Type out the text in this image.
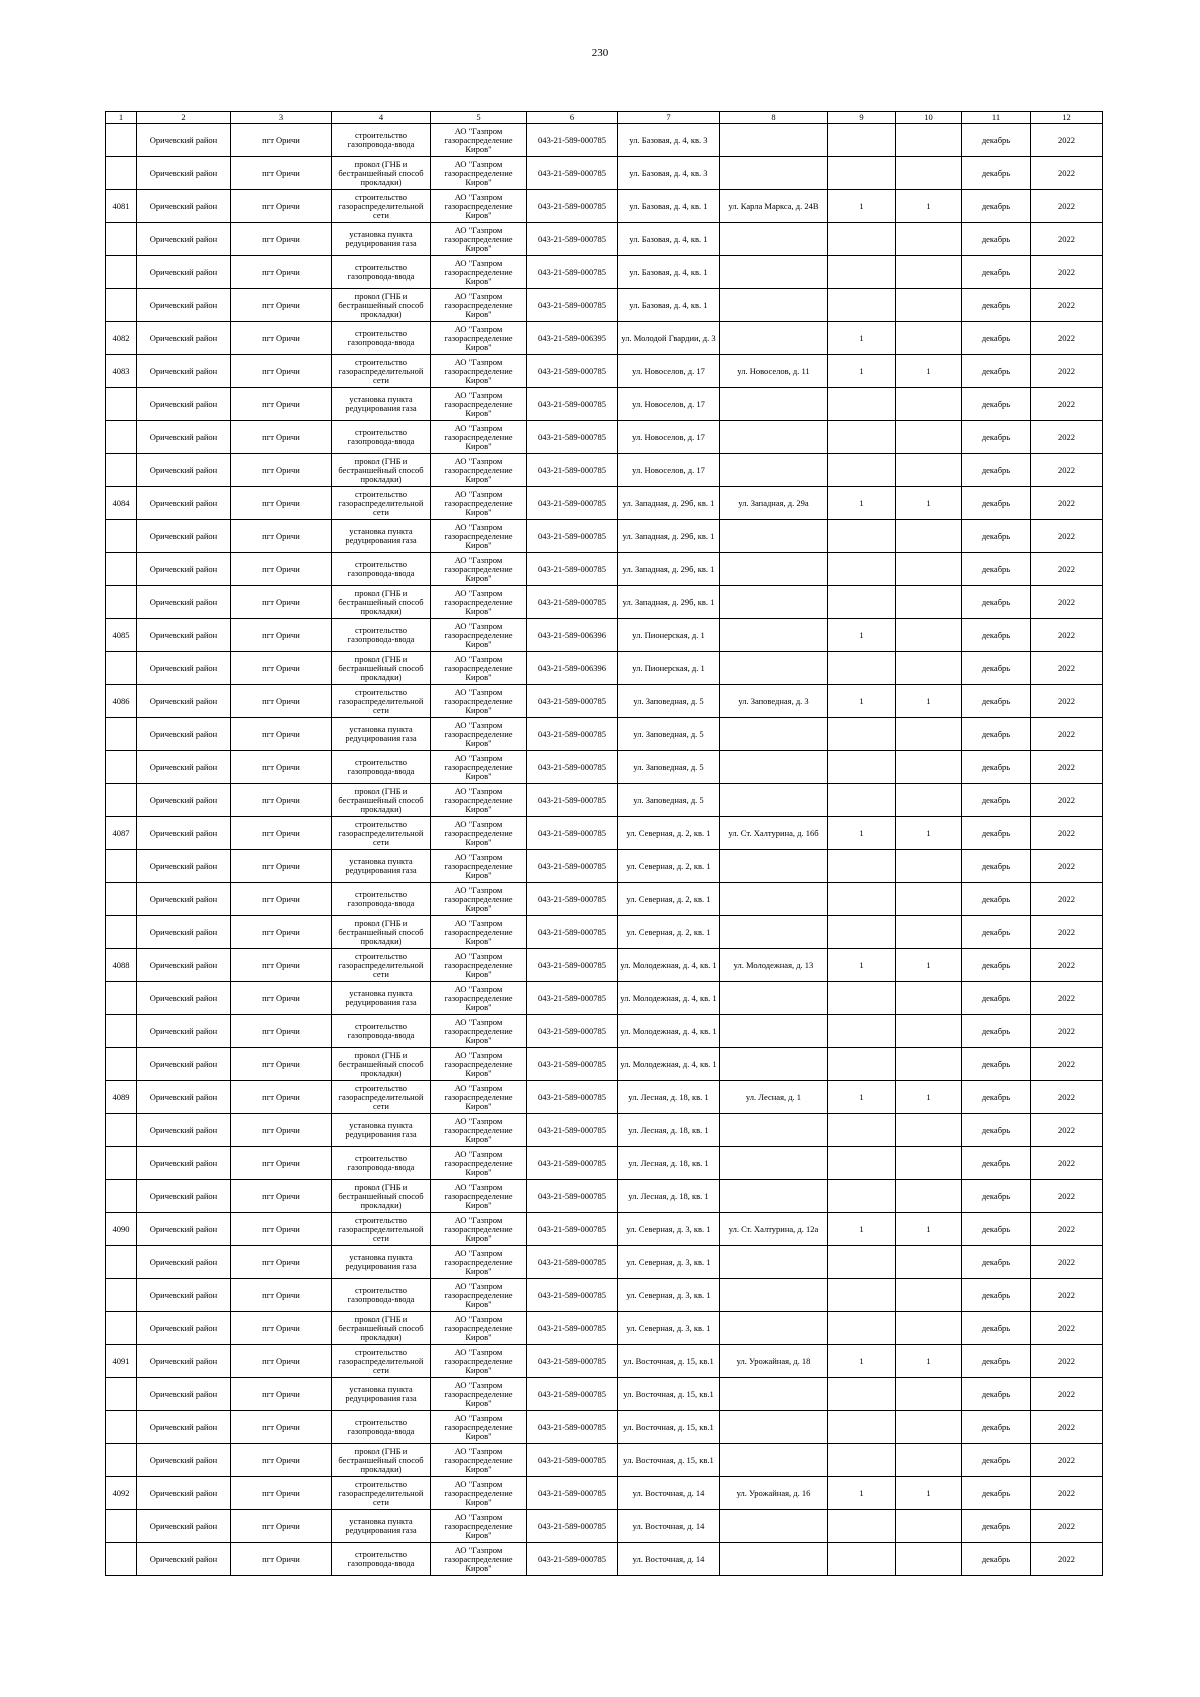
230
1	2	3	4	5	6	7	8	9	10	11	12

	Оричевский район	пгт Оричи	строительство газопровода-ввода	АО "Газпром газораспределение Киров"	043-21-589-000785	ул. Базовая, д. 4, кв. 3				декабрь	2022

	Оричевский район	пгт Оричи	прокол (ГНБ и бестраншейный способ прокладки)	АО "Газпром газораспределение Киров"	043-21-589-000785	ул. Базовая, д. 4, кв. 3				декабрь	2022

4081	Оричевский район	пгт Оричи	строительство газораспределительной сети	АО "Газпром газораспределение Киров"	043-21-589-000785	ул. Базовая, д. 4, кв. 1	ул. Карла Маркса, д. 24В	1	1	декабрь	2022

	Оричевский район	пгт Оричи	установка пункта редуцирования газа	АО "Газпром газораспределение Киров"	043-21-589-000785	ул. Базовая, д. 4, кв. 1				декабрь	2022

	Оричевский район	пгт Оричи	строительство газопровода-ввода	АО "Газпром газораспределение Киров"	043-21-589-000785	ул. Базовая, д. 4, кв. 1				декабрь	2022

	Оричевский район	пгт Оричи	прокол (ГНБ и бестраншейный способ прокладки)	АО "Газпром газораспределение Киров"	043-21-589-000785	ул. Базовая, д. 4, кв. 1				декабрь	2022

4082	Оричевский район	пгт Оричи	строительство газопровода-ввода	АО "Газпром газораспределение Киров"	043-21-589-006395	ул. Молодой Гвардии, д. 3		1		декабрь	2022

4083	Оричевский район	пгт Оричи	строительство газораспределительной сети	АО "Газпром газораспределение Киров"	043-21-589-000785	ул. Новоселов, д. 17	ул. Новоселов, д. 11	1	1	декабрь	2022

	Оричевский район	пгт Оричи	установка пункта редуцирования газа	АО "Газпром газораспределение Киров"	043-21-589-000785	ул. Новоселов, д. 17				декабрь	2022

	Оричевский район	пгт Оричи	строительство газопровода-ввода	АО "Газпром газораспределение Киров"	043-21-589-000785	ул. Новоселов, д. 17				декабрь	2022

	Оричевский район	пгт Оричи	прокол (ГНБ и бестраншейный способ прокладки)	АО "Газпром газораспределение Киров"	043-21-589-000785	ул. Новоселов, д. 17				декабрь	2022

4084	Оричевский район	пгт Оричи	строительство газораспределительной сети	АО "Газпром газораспределение Киров"	043-21-589-000785	ул. Западная, д. 29б, кв. 1	ул. Западная, д. 29а	1	1	декабрь	2022

	Оричевский район	пгт Оричи	установка пункта редуцирования газа	АО "Газпром газораспределение Киров"	043-21-589-000785	ул. Западная, д. 29б, кв. 1				декабрь	2022

	Оричевский район	пгт Оричи	строительство газопровода-ввода	АО "Газпром газораспределение Киров"	043-21-589-000785	ул. Западная, д. 29б, кв. 1				декабрь	2022

	Оричевский район	пгт Оричи	прокол (ГНБ и бестраншейный способ прокладки)	АО "Газпром газораспределение Киров"	043-21-589-000785	ул. Западная, д. 29б, кв. 1				декабрь	2022

4085	Оричевский район	пгт Оричи	строительство газопровода-ввода	АО "Газпром газораспределение Киров"	043-21-589-006396	ул. Пионерская, д. 1		1		декабрь	2022

	Оричевский район	пгт Оричи	прокол (ГНБ и бестраншейный способ прокладки)	АО "Газпром газораспределение Киров"	043-21-589-006396	ул. Пионерская, д. 1				декабрь	2022

4086	Оричевский район	пгт Оричи	строительство газораспределительной сети	АО "Газпром газораспределение Киров"	043-21-589-000785	ул. Заповедная, д. 5	ул. Заповедная, д. 3	1	1	декабрь	2022

	Оричевский район	пгт Оричи	установка пункта редуцирования газа	АО "Газпром газораспределение Киров"	043-21-589-000785	ул. Заповедная, д. 5				декабрь	2022

	Оричевский район	пгт Оричи	строительство газопровода-ввода	АО "Газпром газораспределение Киров"	043-21-589-000785	ул. Заповедная, д. 5				декабрь	2022

	Оричевский район	пгт Оричи	прокол (ГНБ и бестраншейный способ прокладки)	АО "Газпром газораспределение Киров"	043-21-589-000785	ул. Заповедная, д. 5				декабрь	2022

4087	Оричевский район	пгт Оричи	строительство газораспределительной сети	АО "Газпром газораспределение Киров"	043-21-589-000785	ул. Северная, д. 2, кв. 1	ул. Ст. Халтурина, д. 16б	1	1	декабрь	2022

	Оричевский район	пгт Оричи	установка пункта редуцирования газа	АО "Газпром газораспределение Киров"	043-21-589-000785	ул. Северная, д. 2, кв. 1				декабрь	2022

	Оричевский район	пгт Оричи	строительство газопровода-ввода	АО "Газпром газораспределение Киров"	043-21-589-000785	ул. Северная, д. 2, кв. 1				декабрь	2022

	Оричевский район	пгт Оричи	прокол (ГНБ и бестраншейный способ прокладки)	АО "Газпром газораспределение Киров"	043-21-589-000785	ул. Северная, д. 2, кв. 1				декабрь	2022

4088	Оричевский район	пгт Оричи	строительство газораспределительной сети	АО "Газпром газораспределение Киров"	043-21-589-000785	ул. Молодежная, д. 4, кв. 1	ул. Молодежная, д. 13	1	1	декабрь	2022

	Оричевский район	пгт Оричи	установка пункта редуцирования газа	АО "Газпром газораспределение Киров"	043-21-589-000785	ул. Молодежная, д. 4, кв. 1				декабрь	2022

	Оричевский район	пгт Оричи	строительство газопровода-ввода	АО "Газпром газораспределение Киров"	043-21-589-000785	ул. Молодежная, д. 4, кв. 1				декабрь	2022

	Оричевский район	пгт Оричи	прокол (ГНБ и бестраншейный способ прокладки)	АО "Газпром газораспределение Киров"	043-21-589-000785	ул. Молодежная, д. 4, кв. 1				декабрь	2022

4089	Оричевский район	пгт Оричи	строительство газораспределительной сети	АО "Газпром газораспределение Киров"	043-21-589-000785	ул. Лесная, д. 18, кв. 1	ул. Лесная, д. 1	1	1	декабрь	2022

	Оричевский район	пгт Оричи	установка пункта редуцирования газа	АО "Газпром газораспределение Киров"	043-21-589-000785	ул. Лесная, д. 18, кв. 1				декабрь	2022

	Оричевский район	пгт Оричи	строительство газопровода-ввода	АО "Газпром газораспределение Киров"	043-21-589-000785	ул. Лесная, д. 18, кв. 1				декабрь	2022

	Оричевский район	пгт Оричи	прокол (ГНБ и бестраншейный способ прокладки)	АО "Газпром газораспределение Киров"	043-21-589-000785	ул. Лесная, д. 18, кв. 1				декабрь	2022

4090	Оричевский район	пгт Оричи	строительство газораспределительной сети	АО "Газпром газораспределение Киров"	043-21-589-000785	ул. Северная, д. 3, кв. 1	ул. Ст. Халтурина, д. 12а	1	1	декабрь	2022

	Оричевский район	пгт Оричи	установка пункта редуцирования газа	АО "Газпром газораспределение Киров"	043-21-589-000785	ул. Северная, д. 3, кв. 1				декабрь	2022

	Оричевский район	пгт Оричи	строительство газопровода-ввода	АО "Газпром газораспределение Киров"	043-21-589-000785	ул. Северная, д. 3, кв. 1				декабрь	2022

	Оричевский район	пгт Оричи	прокол (ГНБ и бестраншейный способ прокладки)	АО "Газпром газораспределение Киров"	043-21-589-000785	ул. Северная, д. 3, кв. 1				декабрь	2022

4091	Оричевский район	пгт Оричи	строительство газораспределительной сети	АО "Газпром газораспределение Киров"	043-21-589-000785	ул. Восточная, д. 15, кв.1	ул. Урожайная, д. 18	1	1	декабрь	2022

	Оричевский район	пгт Оричи	установка пункта редуцирования газа	АО "Газпром газораспределение Киров"	043-21-589-000785	ул. Восточная, д. 15, кв.1				декабрь	2022

	Оричевский район	пгт Оричи	строительство газопровода-ввода	АО "Газпром газораспределение Киров"	043-21-589-000785	ул. Восточная, д. 15, кв.1				декабрь	2022

	Оричевский район	пгт Оричи	прокол (ГНБ и бестраншейный способ прокладки)	АО "Газпром газораспределение Киров"	043-21-589-000785	ул. Восточная, д. 15, кв.1				декабрь	2022

4092	Оричевский район	пгт Оричи	строительство газораспределительной сети	АО "Газпром газораспределение Киров"	043-21-589-000785	ул. Восточная, д. 14	ул. Урожайная, д. 16	1	1	декабрь	2022

	Оричевский район	пгт Оричи	установка пункта редуцирования газа	АО "Газпром газораспределение Киров"	043-21-589-000785	ул. Восточная, д. 14				декабрь	2022

	Оричевский район	пгт Оричи	строительство газопровода-ввода	АО "Газпром газораспределение Киров"	043-21-589-000785	ул. Восточная, д. 14				декабрь	2022
